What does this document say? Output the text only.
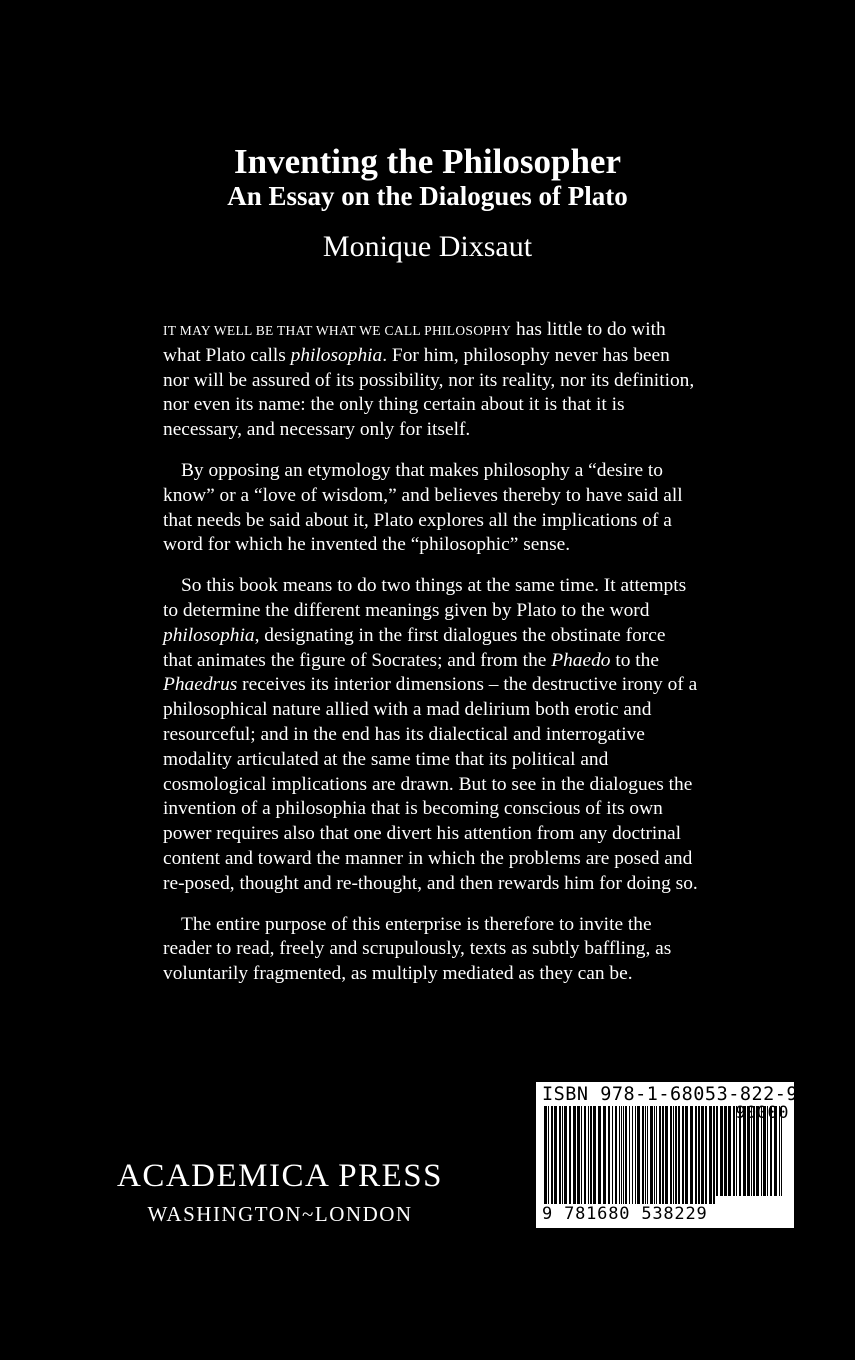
Inventing the Philosopher
An Essay on the Dialogues of Plato
Monique Dixsaut

IT MAY WELL BE THAT WHAT WE CALL PHILOSOPHY has little to do with what Plato calls philosophia. For him, philosophy never has been nor will be assured of its possibility, nor its reality, nor its definition, nor even its name: the only thing certain about it is that it is necessary, and necessary only for itself.

By opposing an etymology that makes philosophy a “desire to know” or a “love of wisdom,” and believes thereby to have said all that needs be said about it, Plato explores all the implications of a word for which he invented the “philosophic” sense.

So this book means to do two things at the same time. It attempts to determine the different meanings given by Plato to the word philosophia, designating in the first dialogues the obstinate force that animates the figure of Socrates; and from the Phaedo to the Phaedrus receives its interior dimensions – the destructive irony of a philosophical nature allied with a mad delirium both erotic and resourceful; and in the end has its dialectical and interrogative modality articulated at the same time that its political and cosmological implications are drawn. But to see in the dialogues the invention of a philosophia that is becoming conscious of its own power requires also that one divert his attention from any doctrinal content and toward the manner in which the problems are posed and re-posed, thought and re-thought, and then rewards him for doing so.

The entire purpose of this enterprise is therefore to invite the reader to read, freely and scrupulously, texts as subtly baffling, as voluntarily fragmented, as multiply mediated as they can be.

ACADEMICA PRESS
WASHINGTON~LONDON
ISBN 978-1-68053-822-9
90000
9 781680 538229
